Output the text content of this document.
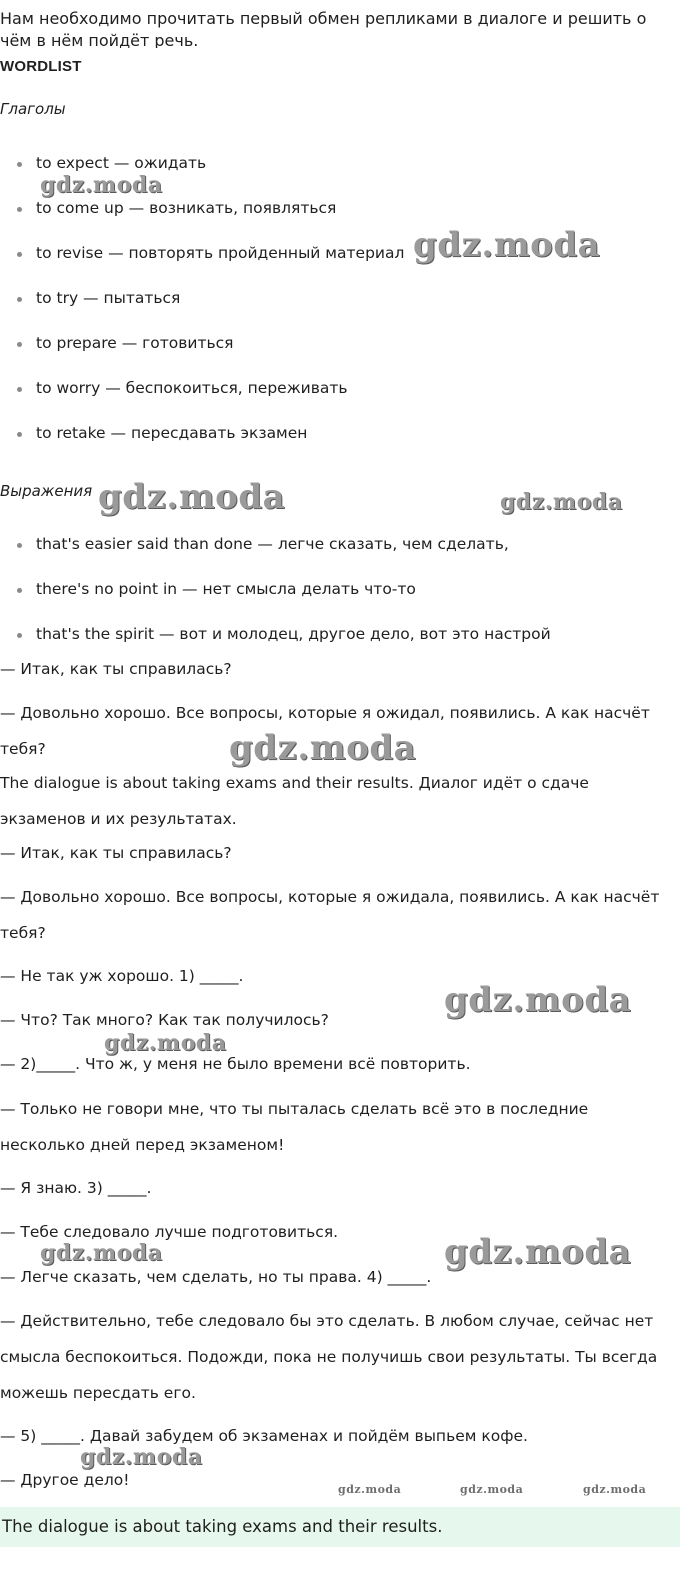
Нам необходимо прочитать первый обмен репликами в диалоге и решить о чём в нём пойдёт речь.
WORDLIST
Глаголы
to expect — ожидать
to come up — возникать, появляться
to revise — повторять пройденный материал
to try — пытаться
to prepare — готовиться
to worry — беспокоиться, переживать
to retake — пересдавать экзамен
Выражения
that's easier said than done — легче сказать, чем сделать,
there's no point in — нет смысла делать что-то
that's the spirit — вот и молодец, другое дело, вот это настрой
— Итак, как ты справилась?
— Довольно хорошо. Все вопросы, которые я ожидал, появились. А как насчёт тебя?
The dialogue is about taking exams and their results. Диалог идёт о сдаче экзаменов и их результатах.
— Итак, как ты справилась?
— Довольно хорошо. Все вопросы, которые я ожидала, появились. А как насчёт тебя?
— Не так уж хорошо. 1) _____.
— Что? Так много? Как так получилось?
— 2)_____. Что ж, у меня не было времени всё повторить.
— Только не говори мне, что ты пыталась сделать всё это в последние несколько дней перед экзаменом!
— Я знаю. 3) _____.
— Тебе следовало лучше подготовиться.
— Легче сказать, чем сделать, но ты права. 4) _____.
— Действительно, тебе следовало бы это сделать. В любом случае, сейчас нет смысла беспокоиться. Подожди, пока не получишь свои результаты. Ты всегда можешь пересдать его.
— 5) _____. Давай забудем об экзаменах и пойдём выпьем кофе.
— Другое дело!
The dialogue is about taking exams and their results.
gdz.moda
gdz.moda
gdz.moda	gdz.moda
gdz.moda
gdz.moda
gdz.moda
gdz.moda	gdz.moda
gdz.moda
gdz.moda	gdz.moda	gdz.moda
